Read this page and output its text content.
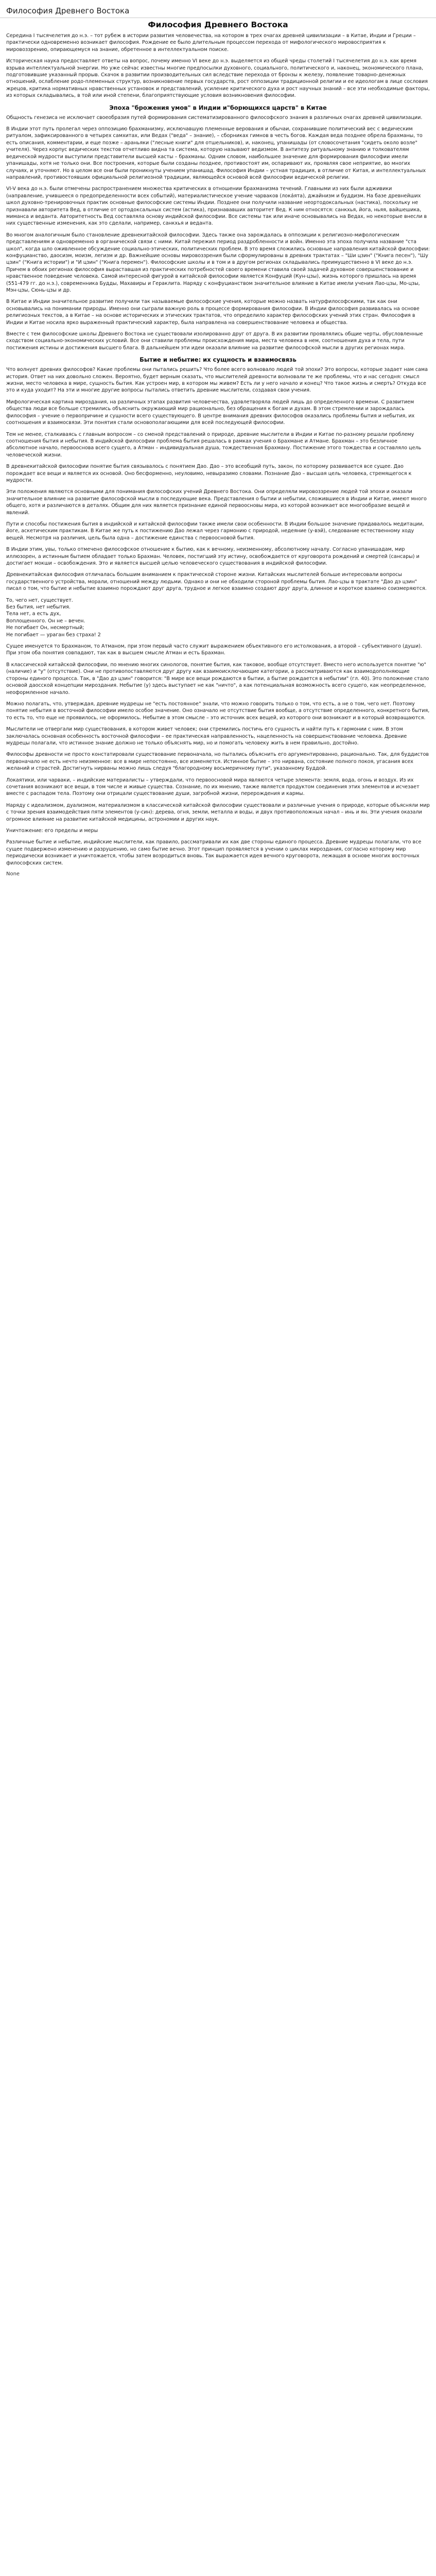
Философия Древнего Востока
Философия Древнего Востока

Середина I тысячелетия до н.э. – тот рубеж в истории развития человечества, на котором в трех очагах древней цивилизации – в Китае, Индии и Греции – практически одновременно возникает философия. Рождение ее было длительным процессом перехода от мифологического мировосприятия к мировоззрению, опирающемуся на знание, обретенное в интеллектуальном поиске.

Историческая наука предоставляет ответы на вопрос, почему именно VI веке до н.э. выделяется из общей чреды столетий I тысячелетия до н.э. как время взрыва интеллектуальной энергии. Но уже сейчас известны многие предпосылки духовного, социального, политического и, наконец, экономического плана, подготовившие указанный прорыв. Скачок в развитии производительных сил вследствие перехода от бронзы к железу, появление товарно-денежных отношений, ослабление родо-племенных структур, возникновение первых государств, рост оппозиции традиционной религии и ее идеологам в лице сословия жрецов, критика нормативных нравственных установок и представлений, усиление критического духа и рост научных знаний – все эти необходимые факторы, из которых складывались, в той или иной степени, благоприятствующие условия возникновения философии.

Эпоха "брожения умов" в Индии и"борющихся царств" в Китае

Общность генезиса не исключает своеобразия путей формирования систематизированного философского знания в различных очагах древней цивилизации.

В Индии этот путь пролегал через оппозицию брахманизму, исключавшую племенные верования и обычаи, сохранившие политический вес с ведическим ритуалом, зафиксированного в четырех самхитах, или Ведах ("веда" – знание), – сборниках гимнов в честь богов. Каждая веда позднее обрела брахманы, то есть описания, комментарии, и еще позже – араньяки ("лесные книги" для отшельников), и, наконец, упанишады (от словосочетания "сидеть около возле" учителя). Через корпус ведических текстов отчетливо видна та система, которую называют ведизмом. В антитезу ритуальному знанию и толкователям ведической мудрости выступили представители высшей касты – брахманы. Одним словом, наибольшее значение для формирования философии имели упанишады, хотя не только они. Все построения, которые были созданы позднее, противостоят им, оспаривают их, проявляя свое неприятие, во многих случаях, и уточняют. Но в целом все они были проникнуты учением упанишад. Философия Индии – устная традиция, в отличие от Китая, и интеллектуальных направлений, противостоявших официальной религиозной традиции, являющейся основой всей философии ведической религии.

VI-V века до н.э. были отмечены распространением множества критических в отношении брахманизма течений. Главными из них были адживики (направление, учившееся о предопределенности всех событий), материалистическое учение чарваков (лока́ята), джайнизм и буддизм. На базе древнейших школ духовно-тренировочных практик основные философские системы Индии. Позднее они получили название неортодоксальных (настика), поскольку не признавали авторитета Вед, в отличие от ортодоксальных систем (астика), признававших авторитет Вед. К ним относятся: санкхья, йога, ньяя, вайшешика, миманса и веданта. Авторитетность Вед составляла основу индийской философии. Все системы так или иначе основывались на Ведах, но некоторые внесли в них существенные изменения, как это сделали, например, санкхья и веданта.

Во многом аналогичным было становление древнекитайской философии. Здесь также она зарождалась в оппозиции к религиозно-мифологическим представлениям и одновременно в органической связи с ними. Китай пережил период раздробленности и войн. Именно эта эпоха получила название "ста школ", когда шло оживленное обсуждение социально-этических, политических проблем. В это время сложились основные направления китайской философии: конфуцианство, даосизм, моизм, легизм и др. Важнейшие основы мировоззрения были сформулированы в древних трактатах – "Ши цзин" ("Книга песен"), "Шу цзин" ("Книга истории") и "И цзин" ("Книга перемен"). Философские школы и в том и в другом регионах складывались преимущественно в VI веке до н.э. Причем в обоих регионах философия выраставшая из практических потребностей своего времени ставила своей задачей духовное совершенствование и нравственное поведение человека. Самой интересной фигурой в китайской философии является Конфуций (Кун-цзы), жизнь которого пришлась на время (551-479 гг. до н.э.), современника Будды, Махавиры и Гераклита. Наряду с конфуцианством значительное влияние в Китае имели учения Лао-цзы, Мо-цзы, Мэн-цзы, Сюнь-цзы и др.

В Китае и Индии значительное развитие получили так называемые философские учения, которые можно назвать натурфилософскими, так как они основывались на понимании природы. Именно они сыграли важную роль в процессе формирования философии. В Индии философия развивалась на основе религиозных текстов, а в Китае – на основе исторических и этических трактатов, что определило характер философских учений этих стран. Философия в Индии и Китае носила ярко выраженный практический характер, была направлена на совершенствование человека и общества.

Вместе с тем философские школы Древнего Востока не существовали изолированно друг от друга. В их развитии проявлялись общие черты, обусловленные сходством социально-экономических условий. Все они ставили проблемы происхождения мира, места человека в нем, соотношения духа и тела, пути постижения истины и достижения высшего блага. В дальнейшем эти идеи оказали влияние на развитие философской мысли в других регионах мира.

Бытие и небытие: их сущность и взаимосвязь

Что волнует древних философов? Какие проблемы они пытались решить? Что более всего волновало людей той эпохи? Это вопросы, которые задает нам сама история. Ответ на них довольно сложен. Вероятно, будет верным сказать, что мыслителей древности волновали те же проблемы, что и нас сегодня: смысл жизни, место человека в мире, сущность бытия. Как устроен мир, в котором мы живем? Есть ли у него начало и конец? Что такое жизнь и смерть? Откуда все это и куда уходит? На эти и многие другие вопросы пытались ответить древние мыслители, создавая свои учения.

Мифологическая картина мироздания, на различных этапах развития человечества, удовлетворяла людей лишь до определенного времени. С развитием общества люди все больше стремились объяснить окружающий мир рационально, без обращения к богам и духам. В этом стремлении и зарождалась философия – учение о первопричине и сущности всего существующего. В центре внимания древних философов оказались проблемы бытия и небытия, их соотношения и взаимосвязи. Эти понятия стали основополагающими для всей последующей философии.

Тем не менее, сталкиваясь с главным вопросом – со сменой представлений о природе, древние мыслители в Индии и Китае по-разному решали проблему соотношения бытия и небытия. В индийской философии проблема бытия решалась в рамках учения о Брахмане и Атмане. Брахман – это безличное абсолютное начало, первооснова всего сущего, а Атман – индивидуальная душа, тождественная Брахману. Постижение этого тождества и составляло цель человеческой жизни.

В древнекитайской философии понятие бытия связывалось с понятием Дао. Дао – это всеобщий путь, закон, по которому развивается все сущее. Дао порождает все вещи и является их основой. Оно бесформенно, неуловимо, невыразимо словами. Познание Дао – высшая цель человека, стремящегося к мудрости.

Эти положения являются основными для понимания философских учений Древнего Востока. Они определяли мировоззрение людей той эпохи и оказали значительное влияние на развитие философской мысли в последующие века. Представления о бытии и небытии, сложившиеся в Индии и Китае, имеют много общего, хотя и различаются в деталях. Общим для них является признание единой первоосновы мира, из которой возникает все многообразие вещей и явлений.

Пути и способы постижения бытия в индийской и китайской философии также имели свои особенности. В Индии большое значение придавалось медитации, йоге, аскетическим практикам. В Китае же путь к постижению Дао лежал через гармонию с природой, недеяние (у-вэй), следование естественному ходу вещей. Несмотря на различия, цель была одна – достижение единства с первоосновой бытия.

В Индии этим, увы, только отмечено философское отношение к бытию, как к вечному, неизменному, абсолютному началу. Согласно упанишадам, мир иллюзорен, а истинным бытием обладает только Брахман. Человек, постигший эту истину, освобождается от круговорота рождений и смертей (сансары) и достигает мокши – освобождения. Это и является высшей целью человеческого существования в индийской философии.

Древнекитайская философия отличалась большим вниманием к практической стороне жизни. Китайских мыслителей больше интересовали вопросы государственного устройства, морали, отношений между людьми. Однако и они не обходили стороной проблемы бытия. Лао-цзы в трактате "Дао дэ цзин" писал о том, что бытие и небытие взаимно порождают друг друга, трудное и легкое взаимно создают друг друга, длинное и короткое взаимно соизмеряются.

То, чего нет, существует.
Без бытия, нет небытия.
Тела нет, а есть дух,
Воплощенного. Он не – вечен.
Не погибает Он, несмертный;
Не погибает — ураган без страха! 2

Сущее именуется то Брахманом, то Атманом, при этом первый часто служит выражением объективного его истолкования, а второй – субъективного (души). При этом оба понятия совпадают, так как в высшем смысле Атман и есть Брахман.

В классической китайской философии, по мнению многих синологов, понятие бытия, как таковое, вообще отсутствует. Вместо него используется понятие "ю" (наличие) и "у" (отсутствие). Они не противопоставляются друг другу как взаимоисключающие категории, а рассматриваются как взаимодополняющие стороны единого процесса. Так, в "Дао дэ цзин" говорится: "В мире все вещи рождаются в бытии, а бытие рождается в небытии" (гл. 40). Это положение стало основой даосской концепции мироздания. Небытие (у) здесь выступает не как "ничто", а как потенциальная возможность всего сущего, как неопределенное, неоформленное начало.

Можно полагать, что, утверждая, древние мудрецы не "есть постоянное" знали, что можно говорить только о том, что есть, а не о том, чего нет. Поэтому понятие небытия в восточной философии имело особое значение. Оно означало не отсутствие бытия вообще, а отсутствие определенного, конкретного бытия, то есть то, что еще не проявилось, не оформилось. Небытие в этом смысле – это источник всех вещей, из которого они возникают и в который возвращаются.

Мыслители не отвергали мир существования, в котором живет человек; они стремились постичь его сущность и найти путь к гармонии с ним. В этом заключалась основная особенность восточной философии – ее практическая направленность, нацеленность на совершенствование человека. Древние мудрецы полагали, что истинное знание должно не только объяснять мир, но и помогать человеку жить в нем правильно, достойно.

Философы древности не просто констатировали существование первоначала, но пытались объяснить его аргументированно, рационально. Так, для буддистов первоначало не есть нечто неизменное: все в мире непостоянно, все изменяется. Истинное бытие – это нирвана, состояние полного покоя, угасания всех желаний и страстей. Достигнуть нирваны можно лишь следуя "благородному восьмеричному пути", указанному Буддой.

Локаятики, или чарваки, – индийские материалисты – утверждали, что первоосновой мира являются четыре элемента: земля, вода, огонь и воздух. Из их сочетания возникают все вещи, в том числе и живые существа. Сознание, по их мнению, также является продуктом соединения этих элементов и исчезает вместе с распадом тела. Поэтому они отрицали существование души, загробной жизни, перерождения и кармы.

Наряду с идеализмом, дуализмом, материализмом в классической китайской философии существовали и различные учения о природе, которые объясняли мир с точки зрения взаимодействия пяти элементов (у-син): дерева, огня, земли, металла и воды, и двух противоположных начал – инь и ян. Эти учения оказали огромное влияние на развитие китайской медицины, астрономии и других наук.

Уничтожение: его пределы и меры

Различные бытие и небытие, индийские мыслители, как правило, рассматривали их как две стороны единого процесса. Древние мудрецы полагали, что все сущее подвержено изменению и разрушению, но само бытие вечно. Этот принцип проявляется в учении о циклах мироздания, согласно которому мир периодически возникает и уничтожается, чтобы затем возродиться вновь. Так выражается идея вечного круговорота, лежащая в основе многих восточных философских систем.

None
